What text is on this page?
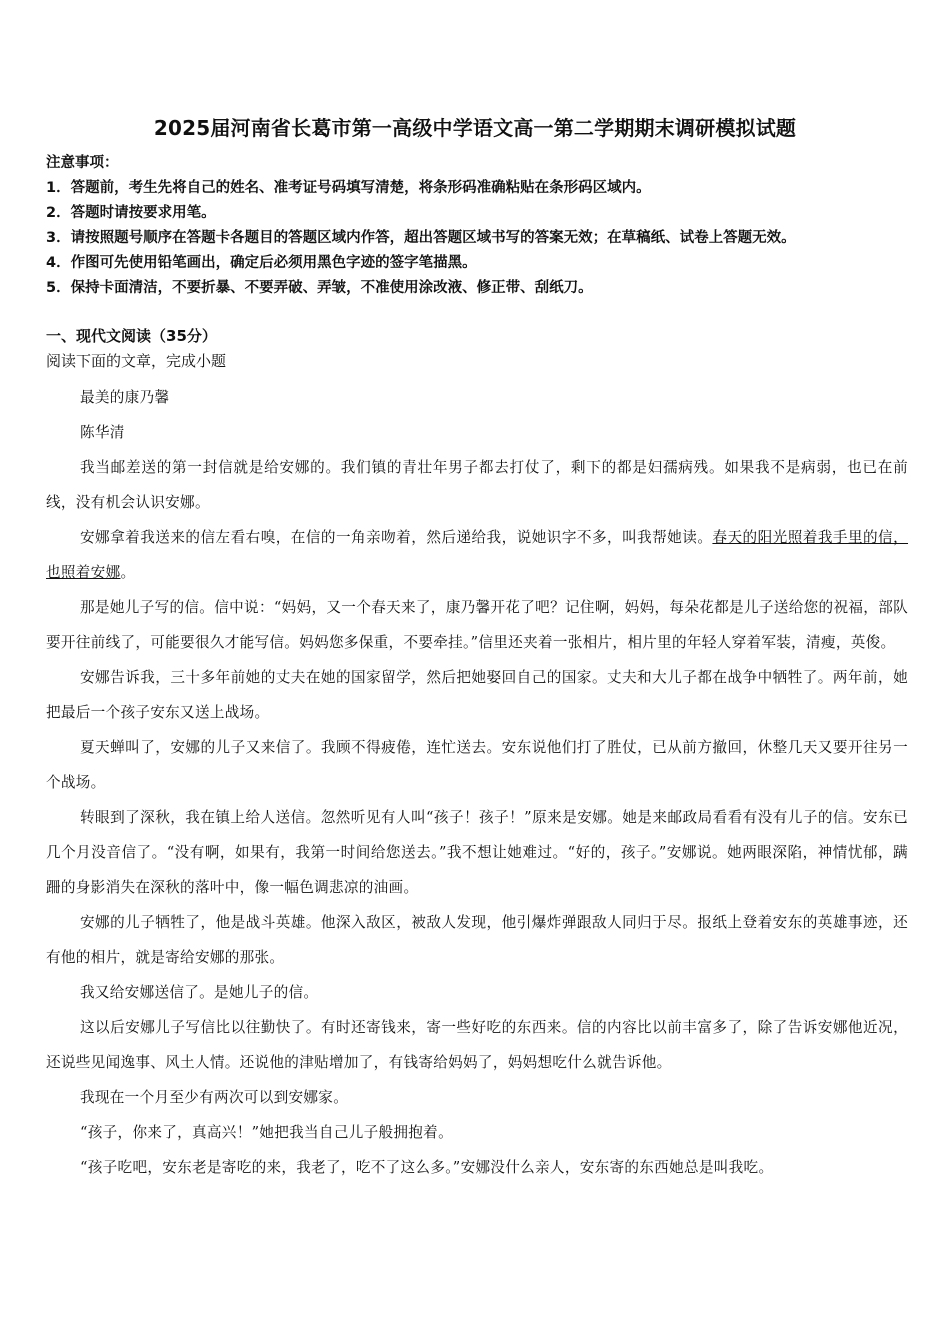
2025届河南省长葛市第一高级中学语文高一第二学期期末调研模拟试题
注意事项：
1．答题前，考生先将自己的姓名、准考证号码填写清楚，将条形码准确粘贴在条形码区域内。
2．答题时请按要求用笔。
3．请按照题号顺序在答题卡各题目的答题区域内作答，超出答题区域书写的答案无效；在草稿纸、试卷上答题无效。
4．作图可先使用铅笔画出，确定后必须用黑色字迹的签字笔描黑。
5．保持卡面清洁，不要折暴、不要弄破、弄皱，不准使用涂改液、修正带、刮纸刀。
一、现代文阅读（35分）
阅读下面的文章，完成小题

最美的康乃馨

陈华清

我当邮差送的第一封信就是给安娜的。我们镇的青壮年男子都去打仗了，剩下的都是妇孺病残。如果我不是病弱，也已在前线，没有机会认识安娜。

安娜拿着我送来的信左看右嗅，在信的一角亲吻着，然后递给我，说她识字不多，叫我帮她读。春天的阳光照着我手里的信，也照着安娜。

那是她儿子写的信。信中说：“妈妈，又一个春天来了，康乃馨开花了吧？记住啊，妈妈，每朵花都是儿子送给您的祝福，部队要开往前线了，可能要很久才能写信。妈妈您多保重，不要牵挂。”信里还夹着一张相片，相片里的年轻人穿着军装，清瘦，英俊。

安娜告诉我，三十多年前她的丈夫在她的国家留学，然后把她娶回自己的国家。丈夫和大儿子都在战争中牺牲了。两年前，她把最后一个孩子安东又送上战场。

夏天蝉叫了，安娜的儿子又来信了。我顾不得疲倦，连忙送去。安东说他们打了胜仗，已从前方撤回，休整几天又要开往另一个战场。

转眼到了深秋，我在镇上给人送信。忽然听见有人叫“孩子！孩子！”原来是安娜。她是来邮政局看看有没有儿子的信。安东已几个月没音信了。“没有啊，如果有，我第一时间给您送去。”我不想让她难过。“好的，孩子。”安娜说。她两眼深陷，神情忧郁，蹒跚的身影消失在深秋的落叶中，像一幅色调悲凉的油画。

安娜的儿子牺牲了，他是战斗英雄。他深入敌区，被敌人发现，他引爆炸弹跟敌人同归于尽。报纸上登着安东的英雄事迹，还有他的相片，就是寄给安娜的那张。

我又给安娜送信了。是她儿子的信。

这以后安娜儿子写信比以往勤快了。有时还寄钱来，寄一些好吃的东西来。信的内容比以前丰富多了，除了告诉安娜他近况，还说些见闻逸事、风土人情。还说他的津贴增加了，有钱寄给妈妈了，妈妈想吃什么就告诉他。

我现在一个月至少有两次可以到安娜家。

“孩子，你来了，真高兴！”她把我当自己儿子般拥抱着。

“孩子吃吧，安东老是寄吃的来，我老了，吃不了这么多。”安娜没什么亲人，安东寄的东西她总是叫我吃。
